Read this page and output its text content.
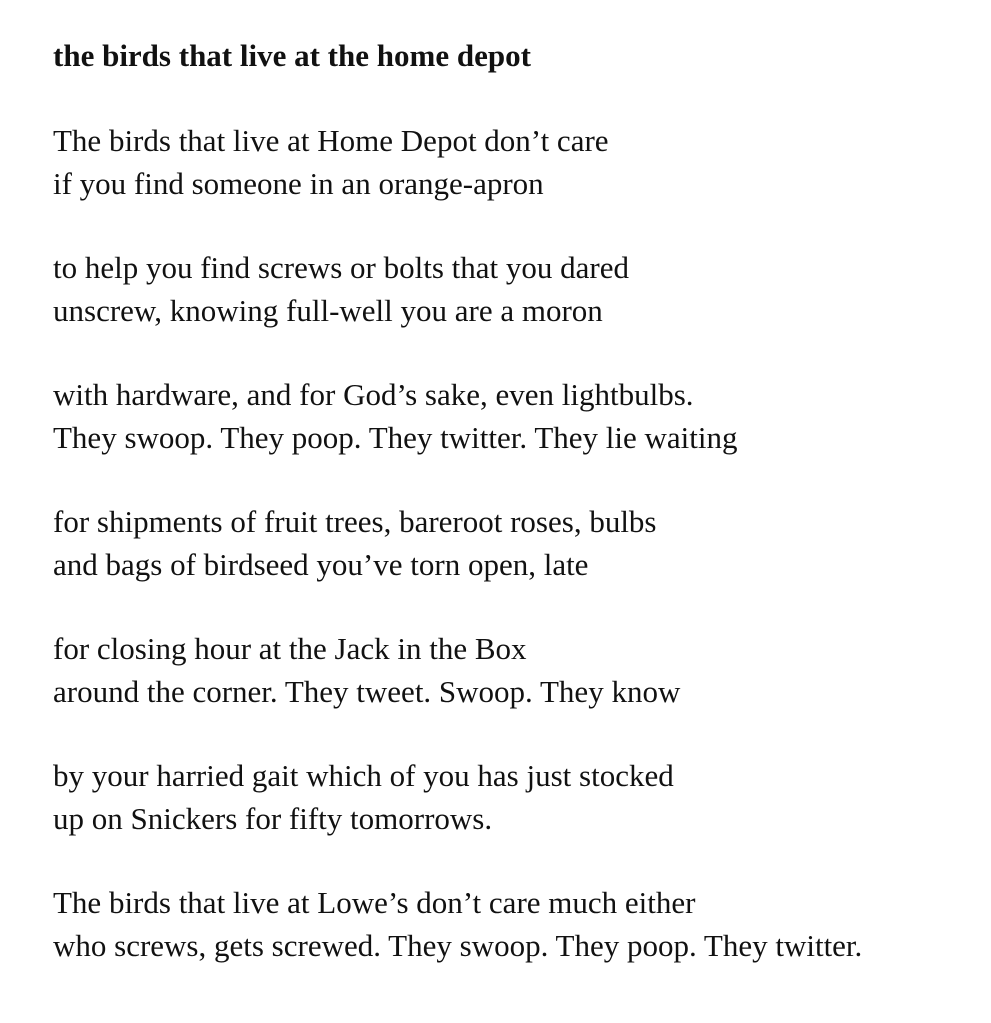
the birds that live at the home depot
The birds that live at Home Depot don’t care
if you find someone in an orange-apron
to help you find screws or bolts that you dared
unscrew, knowing full-well you are a moron
with hardware, and for God’s sake, even lightbulbs.
They swoop. They poop. They twitter. They lie waiting
for shipments of fruit trees, bareroot roses, bulbs
and bags of birdseed you’ve torn open, late
for closing hour at the Jack in the Box
around the corner. They tweet. Swoop. They know
by your harried gait which of you has just stocked
up on Snickers for fifty tomorrows.
The birds that live at Lowe’s don’t care much either
who screws, gets screwed. They swoop. They poop. They twitter.
